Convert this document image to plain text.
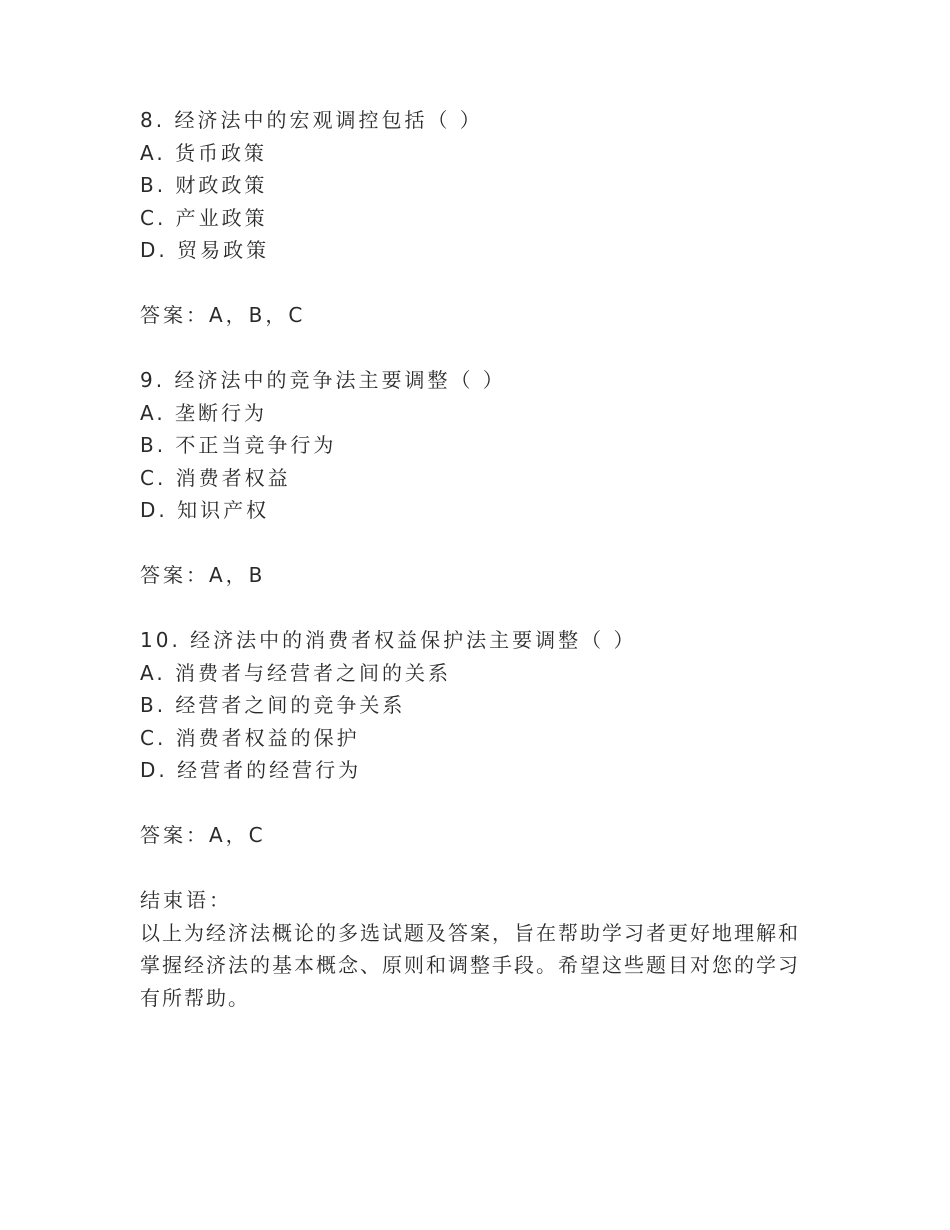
8. 经济法中的宏观调控包括（ ）
A. 货币政策
B. 财政政策
C. 产业政策
D. 贸易政策
答案：A，B，C
9. 经济法中的竞争法主要调整（ ）
A. 垄断行为
B. 不正当竞争行为
C. 消费者权益
D. 知识产权
答案：A，B
10. 经济法中的消费者权益保护法主要调整（ ）
A. 消费者与经营者之间的关系
B. 经营者之间的竞争关系
C. 消费者权益的保护
D. 经营者的经营行为
答案：A，C
结束语：
以上为经济法概论的多选试题及答案，旨在帮助学习者更好地理解和掌握经济法的基本概念、原则和调整手段。希望这些题目对您的学习有所帮助。
